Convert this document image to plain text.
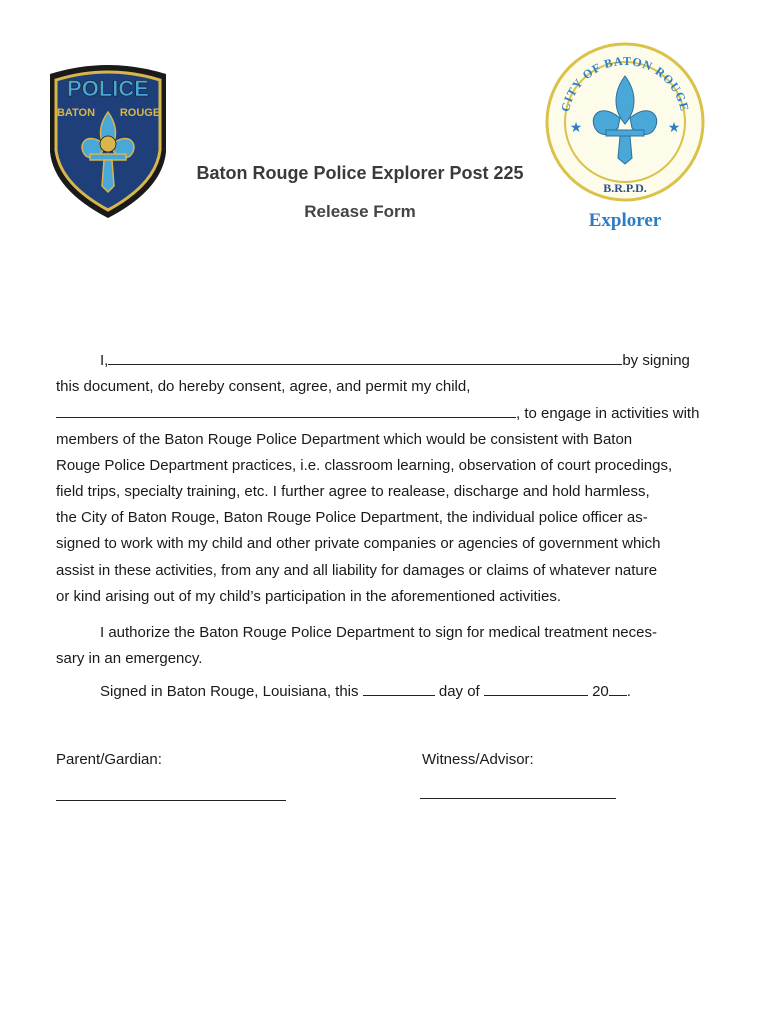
POLICE
BATON ROUGE	CITY OF BATON ROUGE
★	★
B.R.P.D.
Explorer
Baton Rouge Police Explorer Post 225
Release Form
I,	by signing
this document, do hereby consent, agree, and permit my child,
, to engage in activities with
members of the Baton Rouge Police Department which would be consistent with Baton
Rouge Police Department practices, i.e. classroom learning, observation of court procedings,
field trips, specialty training, etc. I further agree to realease, discharge and hold harmless,
the City of Baton Rouge, Baton Rouge Police Department, the individual police officer as-
signed to work with my child and other private companies or agencies of government which
assist in these activities, from any and all liability for damages or claims of whatever nature
or kind arising out of my child’s participation in the aforementioned activities.
I authorize the Baton Rouge Police Department to sign for medical treatment neces-
sary in an emergency.
Signed in Baton Rouge, Louisiana, this	day of	20 .
Parent/Gardian:	Witness/Advisor:
